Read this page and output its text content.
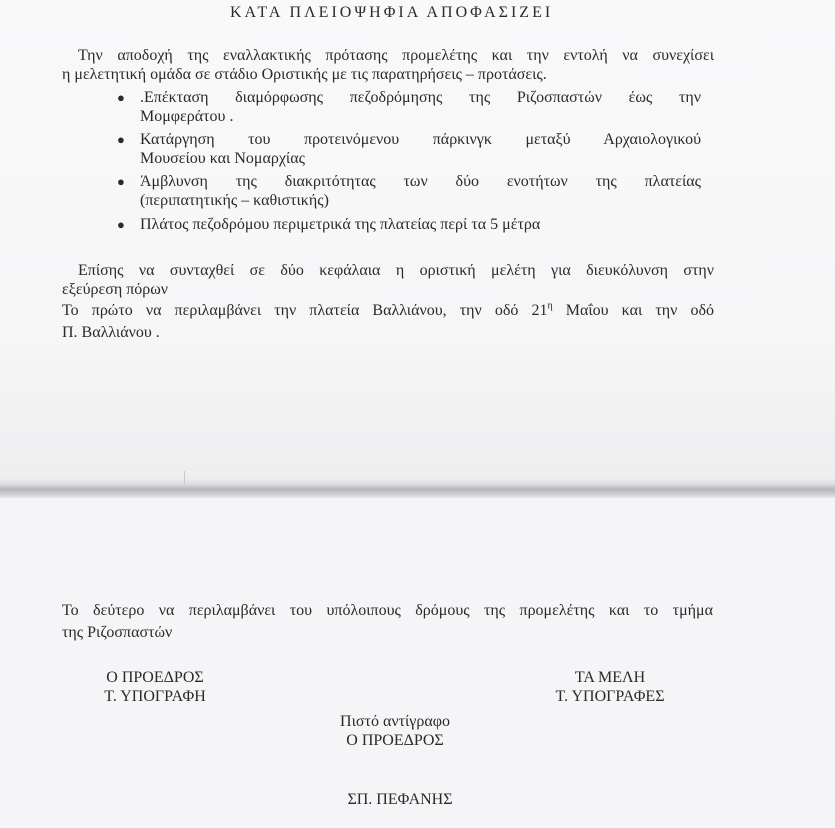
ΚΑΤΑ ΠΛΕΙΟΨΗΦΙΑ ΑΠΟΦΑΣΙΖΕΙ
Την αποδοχή της εναλλακτικής πρότασης προμελέτης και την εντολή να συνεχίσει
η μελετητική ομάδα σε στάδιο Οριστικής με τις παρατηρήσεις – προτάσεις.
● .Επέκταση διαμόρφωσης πεζοδρόμησης της Ριζοσπαστών έως την
Μομφεράτου .
● Κατάργηση του προτεινόμενου πάρκινγκ μεταξύ Αρχαιολογικού
Μουσείου και Νομαρχίας
● Άμβλυνση της διακριτότητας των δύο ενοτήτων της πλατείας
(περιπατητικής – καθιστικής)
● Πλάτος πεζοδρόμου περιμετρικά της πλατείας περί τα 5 μέτρα
Επίσης να συνταχθεί σε δύο κεφάλαια η οριστική μελέτη για διευκόλυνση στην
εξεύρεση πόρων
Το πρώτο να περιλαμβάνει την πλατεία Βαλλιάνου, την οδό $21^\eta$ Μαΐου και την οδό
Π. Βαλλιάνου .
Το δεύτερο να περιλαμβάνει του υπόλοιπους δρόμους της προμελέτης και το τμήμα
της Ριζοσπαστών
Ο ΠΡΟΕΔΡΟΣ
Τ. ΥΠΟΓΡΑΦΗ
ΤΑ ΜΕΛΗ
Τ. ΥΠΟΓΡΑΦΕΣ
Πιστό αντίγραφο
Ο ΠΡΟΕΔΡΟΣ
ΣΠ. ΠΕΦΑΝΗΣ
